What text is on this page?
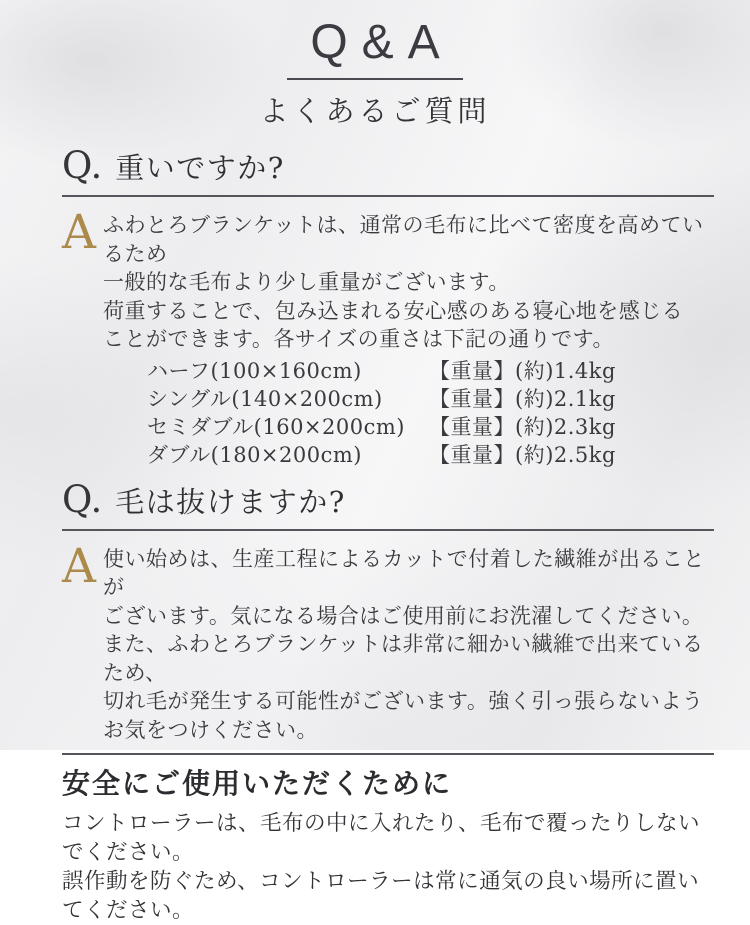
Q&A
よくあるご質問
Q. 重いですか?
A ふわとろブランケットは、通常の毛布に比べて密度を高めているため

一般的な毛布より少し重量がございます。

荷重することで、包み込まれる安心感のある寝心地を感じる

ことができます。各サイズの重さは下記の通りです。

ハーフ(100×160cm)	【重量】(約)1.4kg
シングル(140×200cm)	【重量】(約)2.1kg
セミダブル(160×200cm)	【重量】(約)2.3kg
ダブル(180×200cm)	【重量】(約)2.5kg
Q. 毛は抜けますか?
A 使い始めは、生産工程によるカットで付着した繊維が出ることが

ございます。気になる場合はご使用前にお洗濯してください。

また、ふわとろブランケットは非常に細かい繊維で出来ているため、

切れ毛が発生する可能性がございます。強く引っ張らないよう

お気をつけください。

安全にご使用いただくために

コントローラーは、毛布の中に入れたり、毛布で覆ったりしないでください。

誤作動を防ぐため、コントローラーは常に通気の良い場所に置いてください。
